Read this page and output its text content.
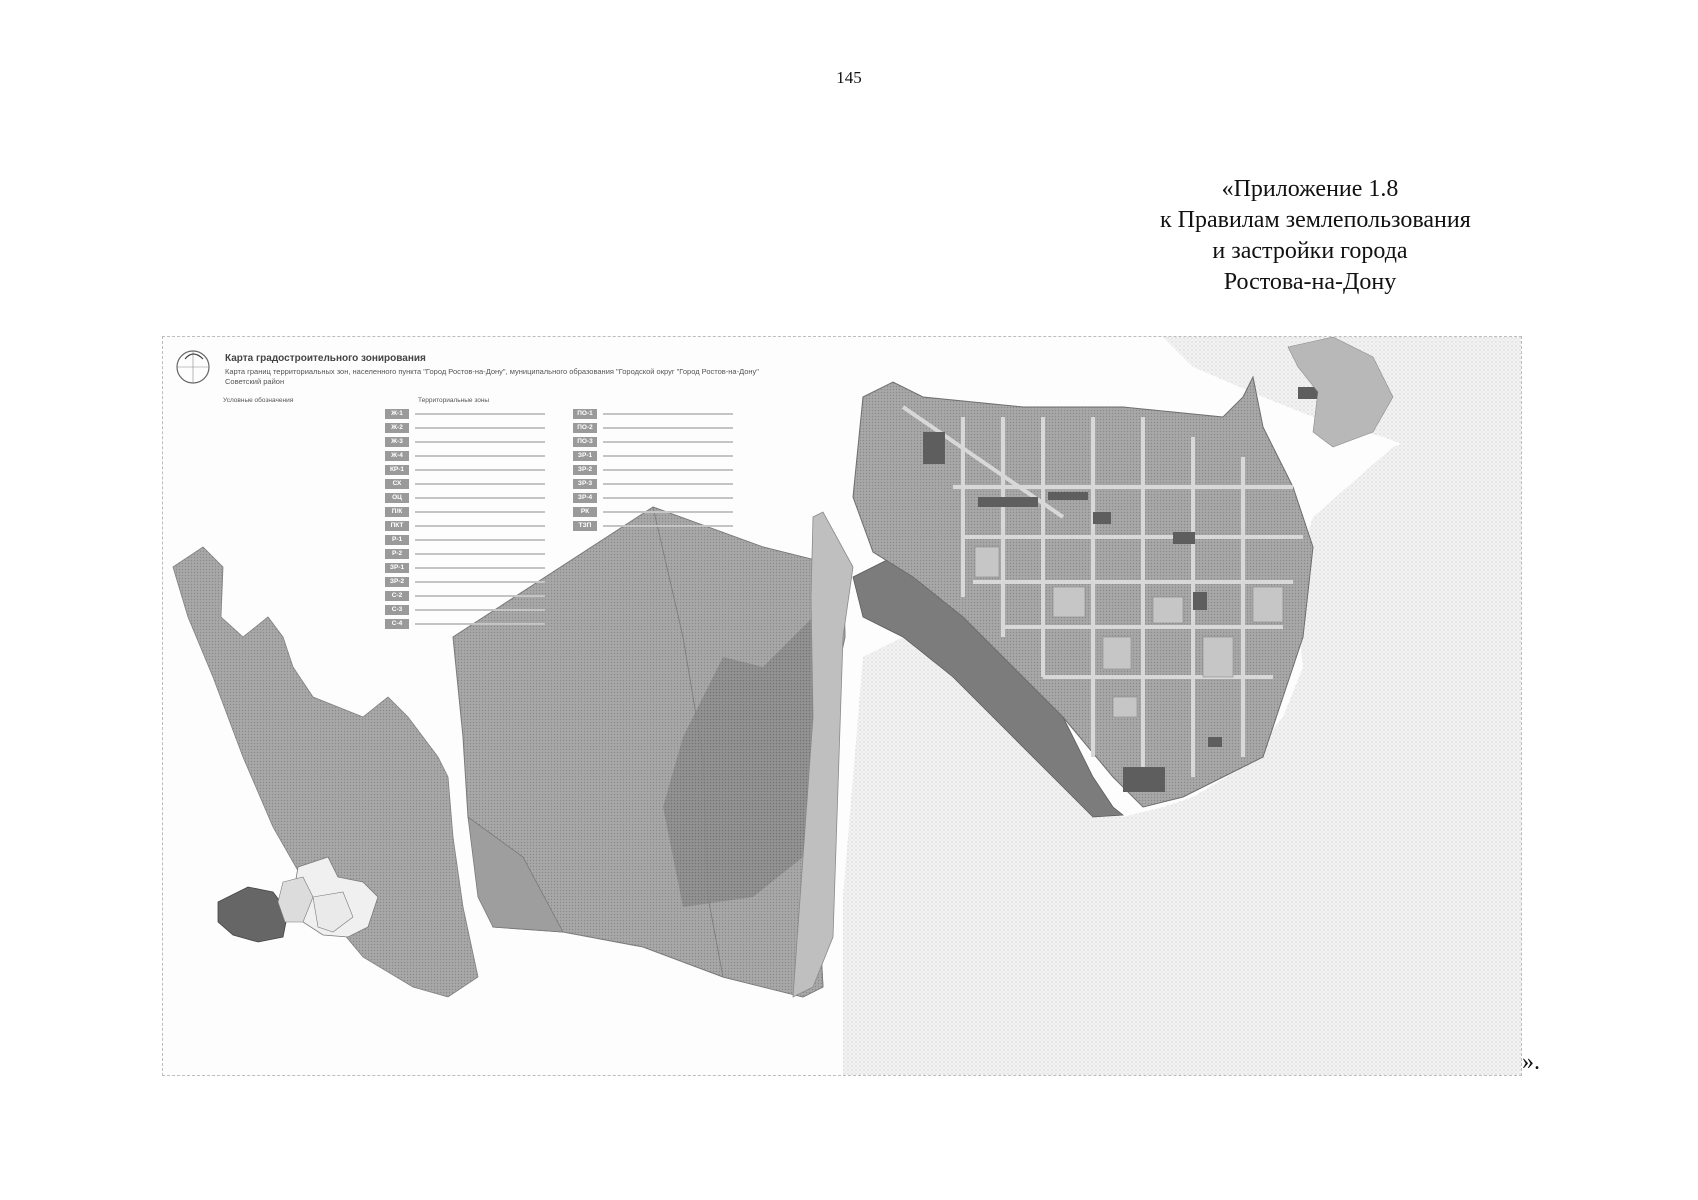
145
«Приложение 1.8
к Правилам землепользования
и застройки города
Ростова-на-Дону
Карта градостроительного зонирования
Карта границ территориальных зон, населенного пункта "Город Ростов-на-Дону", муниципального образования "Городской округ "Город Ростов-на-Дону" Советский район
Условные обозначения	Территориальные зоны
Ж-1
Ж-2
Ж-3
Ж-4
КР-1
СХ
ОЦ
П/К
ПКТ
Р-1
Р-2
ЗР-1
ЗР-2
С-2
С-3
С-4
ПО-1
ПО-2
ПО-3
ЗР-1
ЗР-2
ЗР-3
ЗР-4
РК
ТЗП
».
